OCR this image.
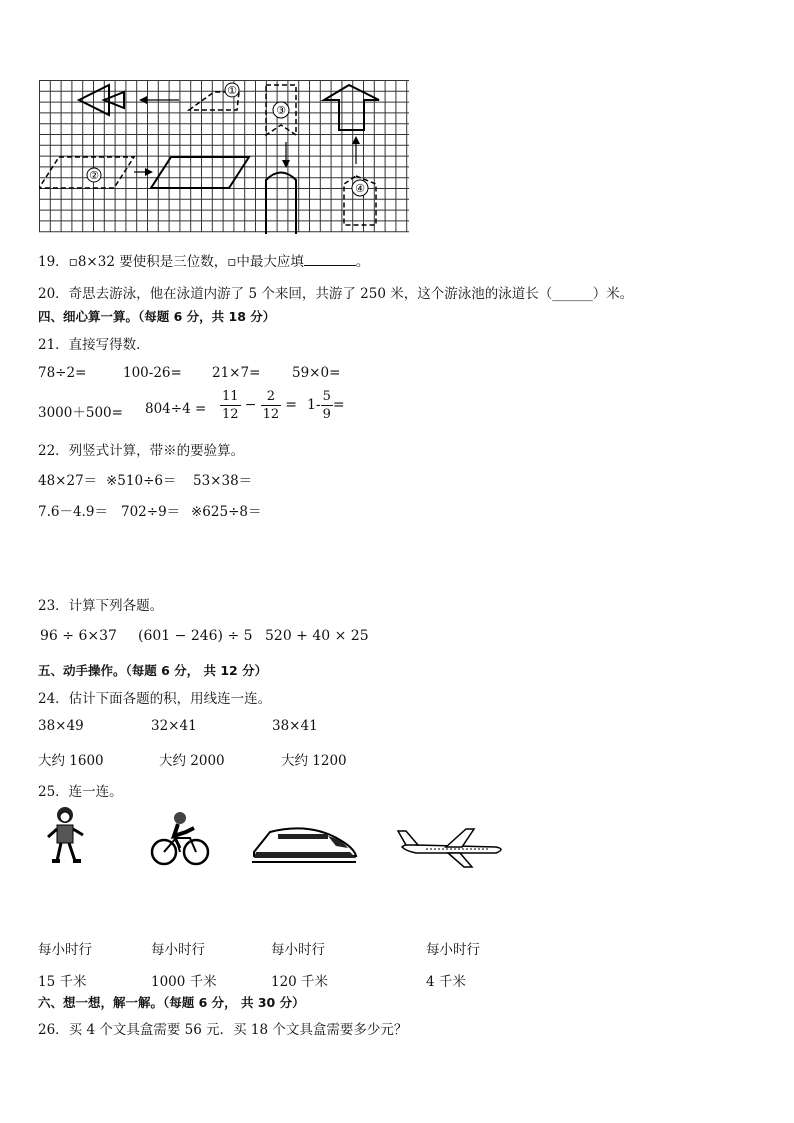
①
③
④
②
19．▫8×32 要使积是三位数，▫中最大应填	。
20．奇思去游泳，他在泳道内游了 5 个来回，共游了 250 米，这个游泳池的泳道长（______）米。
四、细心算一算。（每题 6 分，共 18 分）
21．直接写得数．
78÷2=	100-26= 21×7= 59×0=
$3000+500= 804\div 4 = \frac{11}{12} - \frac{2}{12} = 1- \frac{5}{9}$ =
22．列竖式计算，带※的要验算。
48×27＝ ※510÷6＝ 53×38＝
7.6－4.9＝ 702÷9＝ ※625÷8＝
23．计算下列各题。
96 ÷ 6×37 (601 − 246) ÷ 5 520 + 40 × 25
五、动手操作。（每题 6 分， 共 12 分）
24．估计下面各题的积，用线连一连。
38×49	32×41	38×41
大约 1600	大约 2000	大约 1200
25．连一连。
每小时行	每小时行	每小时行	每小时行
15 千米	1000 千米	120 千米	4 千米
六、想一想，解一解。（每题 6 分， 共 30 分）
26．买 4 个文具盒需要 56 元．买 18 个文具盒需要多少元？
